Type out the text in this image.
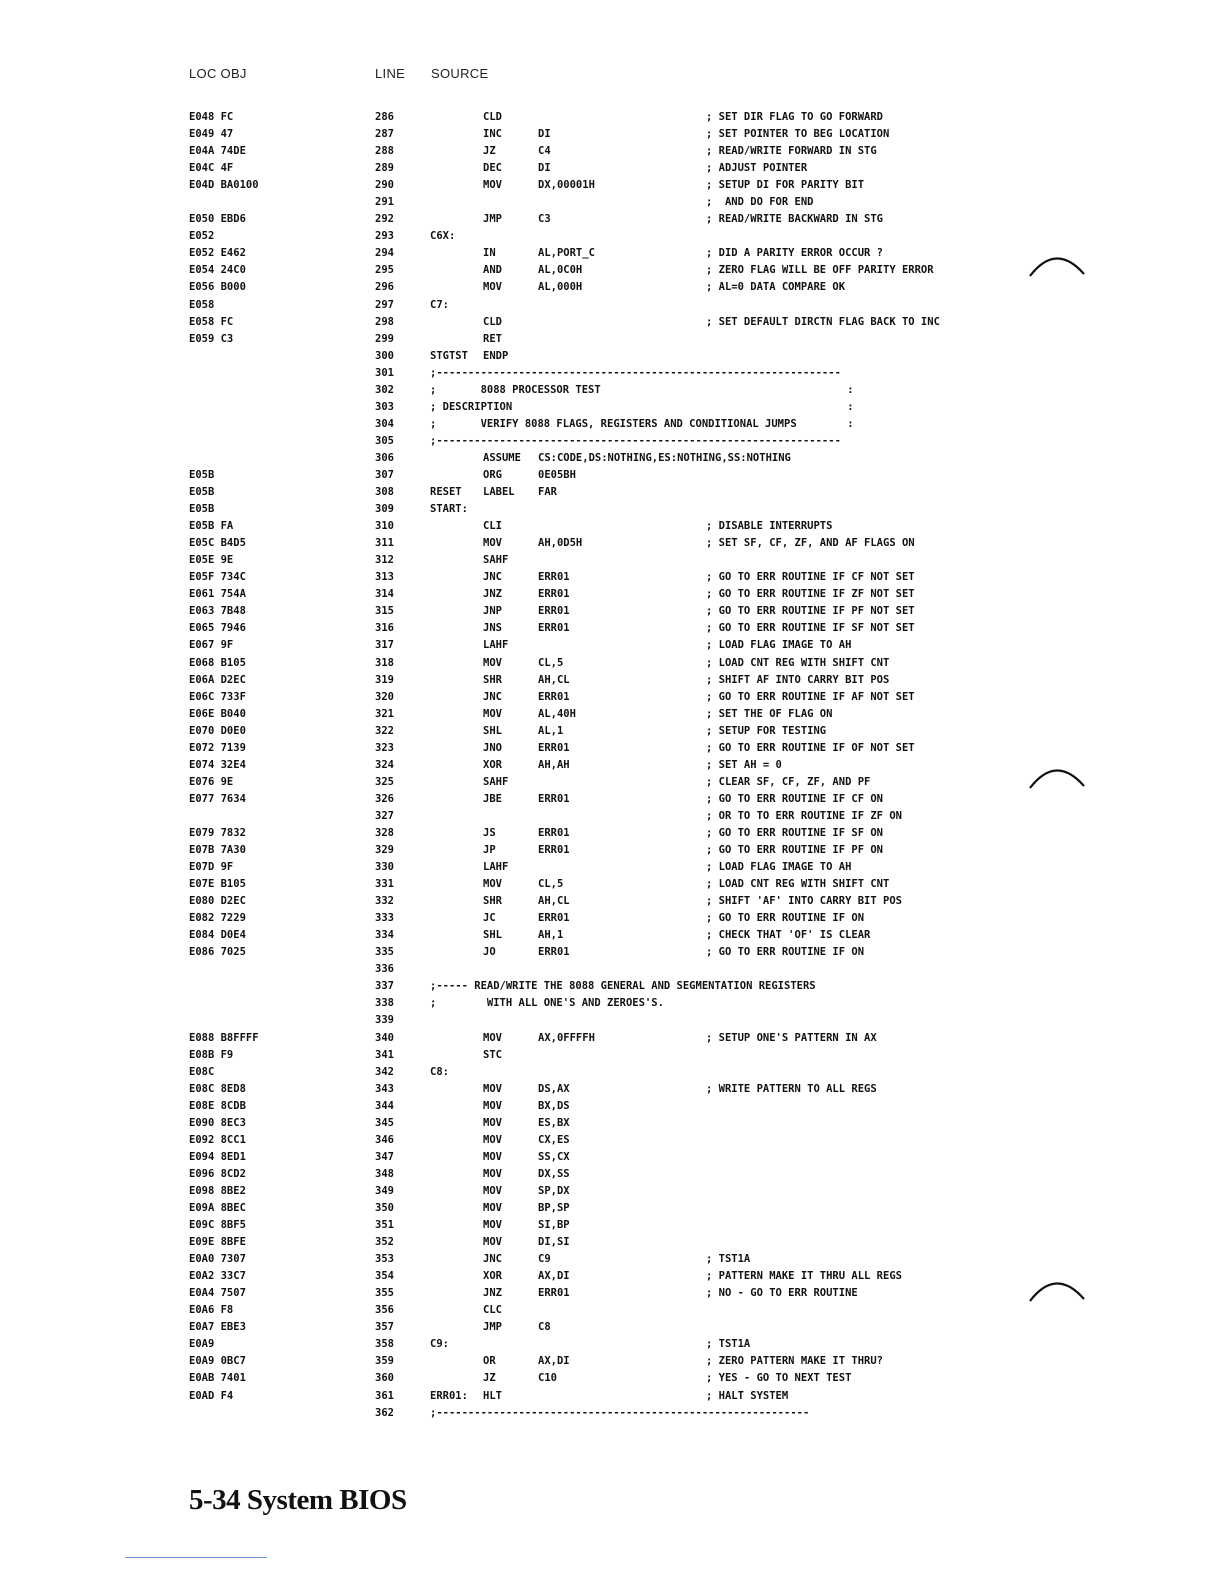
LOC OBJ	LINE SOURCE
E048 FC	286	CLD	; SET DIR FLAG TO GO FORWARD
E049 47	287	INC	DI	; SET POINTER TO BEG LOCATION
E04A 74DE	288	JZ	C4	; READ/WRITE FORWARD IN STG
E04C 4F	289	DEC	DI	; ADJUST POINTER
E04D BA0100	290	MOV	DX,00001H	; SETUP DI FOR PARITY BIT
291	;  AND DO FOR END
E050 EBD6	292	JMP	C3	; READ/WRITE BACKWARD IN STG
E052	293	C6X:
E052 E462	294	IN	AL,PORT_C	; DID A PARITY ERROR OCCUR ?
E054 24C0	295	AND	AL,0C0H	; ZERO FLAG WILL BE OFF PARITY ERROR
E056 B000	296	MOV	AL,000H	; AL=0 DATA COMPARE OK
E058	297	C7:
E058 FC	298	CLD	; SET DEFAULT DIRCTN FLAG BACK TO INC
E059 C3	299	RET
300	STGTST ENDP
301	;----------------------------------------------------------------
302	;       8088 PROCESSOR TEST                                       :
303	; DESCRIPTION                                                     :
304	;       VERIFY 8088 FLAGS, REGISTERS AND CONDITIONAL JUMPS        :
305	;----------------------------------------------------------------
306	ASSUME CS:CODE,DS:NOTHING,ES:NOTHING,SS:NOTHING
E05B	307	ORG	0E05BH
E05B	308	RESET LABEL FAR
E05B	309	START:
E05B FA	310	CLI	; DISABLE INTERRUPTS
E05C B4D5	311	MOV	AH,0D5H	; SET SF, CF, ZF, AND AF FLAGS ON
E05E 9E	312	SAHF
E05F 734C	313	JNC	ERR01	; GO TO ERR ROUTINE IF CF NOT SET
E061 754A	314	JNZ	ERR01	; GO TO ERR ROUTINE IF ZF NOT SET
E063 7B48	315	JNP	ERR01	; GO TO ERR ROUTINE IF PF NOT SET
E065 7946	316	JNS	ERR01	; GO TO ERR ROUTINE IF SF NOT SET
E067 9F	317	LAHF	; LOAD FLAG IMAGE TO AH
E068 B105	318	MOV	CL,5	; LOAD CNT REG WITH SHIFT CNT
E06A D2EC	319	SHR	AH,CL	; SHIFT AF INTO CARRY BIT POS
E06C 733F	320	JNC	ERR01	; GO TO ERR ROUTINE IF AF NOT SET
E06E B040	321	MOV	AL,40H	; SET THE OF FLAG ON
E070 D0E0	322	SHL	AL,1	; SETUP FOR TESTING
E072 7139	323	JNO	ERR01	; GO TO ERR ROUTINE IF OF NOT SET
E074 32E4	324	XOR	AH,AH	; SET AH = 0
E076 9E	325	SAHF	; CLEAR SF, CF, ZF, AND PF
E077 7634	326	JBE	ERR01	; GO TO ERR ROUTINE IF CF ON
327	; OR TO TO ERR ROUTINE IF ZF ON
E079 7832	328	JS	ERR01	; GO TO ERR ROUTINE IF SF ON
E07B 7A30	329	JP	ERR01	; GO TO ERR ROUTINE IF PF ON
E07D 9F	330	LAHF	; LOAD FLAG IMAGE TO AH
E07E B105	331	MOV	CL,5	; LOAD CNT REG WITH SHIFT CNT
E080 D2EC	332	SHR	AH,CL	; SHIFT 'AF' INTO CARRY BIT POS
E082 7229	333	JC	ERR01	; GO TO ERR ROUTINE IF ON
E084 D0E4	334	SHL	AH,1	; CHECK THAT 'OF' IS CLEAR
E086 7025	335	JO	ERR01	; GO TO ERR ROUTINE IF ON
336
337	;----- READ/WRITE THE 8088 GENERAL AND SEGMENTATION REGISTERS
338	;        WITH ALL ONE'S AND ZEROES'S.
339
E088 B8FFFF	340	MOV	AX,0FFFFH	; SETUP ONE'S PATTERN IN AX
E08B F9	341	STC
E08C	342	C8:
E08C 8ED8	343	MOV	DS,AX	; WRITE PATTERN TO ALL REGS
E08E 8CDB	344	MOV	BX,DS
E090 8EC3	345	MOV	ES,BX
E092 8CC1	346	MOV	CX,ES
E094 8ED1	347	MOV	SS,CX
E096 8CD2	348	MOV	DX,SS
E098 8BE2	349	MOV	SP,DX
E09A 8BEC	350	MOV	BP,SP
E09C 8BF5	351	MOV	SI,BP
E09E 8BFE	352	MOV	DI,SI
E0A0 7307	353	JNC	C9	; TST1A
E0A2 33C7	354	XOR	AX,DI	; PATTERN MAKE IT THRU ALL REGS
E0A4 7507	355	JNZ	ERR01	; NO - GO TO ERR ROUTINE
E0A6 F8	356	CLC
E0A7 EBE3	357	JMP	C8
E0A9	358	C9:	; TST1A
E0A9 0BC7	359	OR	AX,DI	; ZERO PATTERN MAKE IT THRU?
E0AB 7401	360	JZ	C10	; YES - GO TO NEXT TEST
E0AD F4	361	ERR01: HLT	; HALT SYSTEM
362	;-----------------------------------------------------------
5-34 System BIOS
